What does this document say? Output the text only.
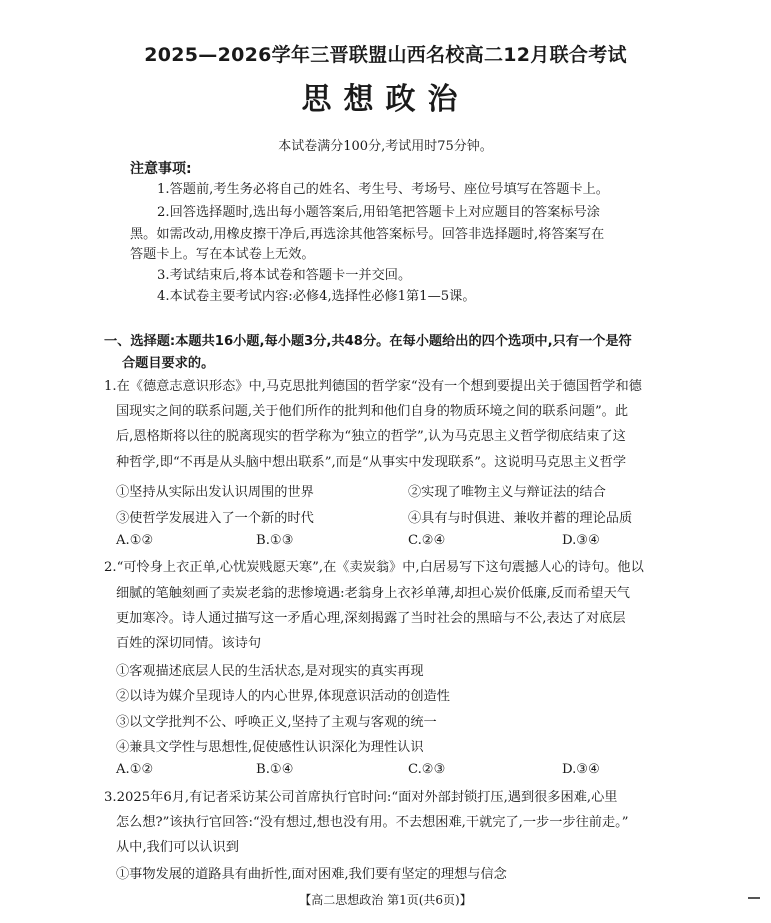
2025—2026学年三晋联盟山西名校高二12月联合考试
思想政治
本试卷满分100分,考试用时75分钟。
注意事项:
1.答题前,考生务必将自己的姓名、考生号、考场号、座位号填写在答题卡上。
2.回答选择题时,选出每小题答案后,用铅笔把答题卡上对应题目的答案标号涂
黑。如需改动,用橡皮擦干净后,再选涂其他答案标号。回答非选择题时,将答案写在
答题卡上。写在本试卷上无效。
3.考试结束后,将本试卷和答题卡一并交回。
4.本试卷主要考试内容:必修4,选择性必修1第1—5课。
一、选择题:本题共16小题,每小题3分,共48分。在每小题给出的四个选项中,只有一个是符
合题目要求的。
1.在《德意志意识形态》中,马克思批判德国的哲学家“没有一个想到要提出关于德国哲学和德
国现实之间的联系问题,关于他们所作的批判和他们自身的物质环境之间的联系问题”。此
后,恩格斯将以往的脱离现实的哲学称为“独立的哲学”,认为马克思主义哲学彻底结束了这
种哲学,即“不再是从头脑中想出联系”,而是“从事实中发现联系”。这说明马克思主义哲学
①坚持从实际出发认识周围的世界	②实现了唯物主义与辩证法的结合
③使哲学发展进入了一个新的时代	④具有与时俱进、兼收并蓄的理论品质
A.①②	B.①③	C.②④	D.③④
2.“可怜身上衣正单,心忧炭贱愿天寒”,在《卖炭翁》中,白居易写下这句震撼人心的诗句。他以
细腻的笔触刻画了卖炭老翁的悲惨境遇:老翁身上衣衫单薄,却担心炭价低廉,反而希望天气
更加寒冷。诗人通过描写这一矛盾心理,深刻揭露了当时社会的黑暗与不公,表达了对底层
百姓的深切同情。该诗句
①客观描述底层人民的生活状态,是对现实的真实再现
②以诗为媒介呈现诗人的内心世界,体现意识活动的创造性
③以文学批判不公、呼唤正义,坚持了主观与客观的统一
④兼具文学性与思想性,促使感性认识深化为理性认识
A.①②	B.①④	C.②③	D.③④
3.2025年6月,有记者采访某公司首席执行官时问:“面对外部封锁打压,遇到很多困难,心里
怎么想?”该执行官回答:“没有想过,想也没有用。不去想困难,干就完了,一步一步往前走。”
从中,我们可以认识到
①事物发展的道路具有曲折性,面对困难,我们要有坚定的理想与信念
【高二思想政治 第1页(共6页)】
